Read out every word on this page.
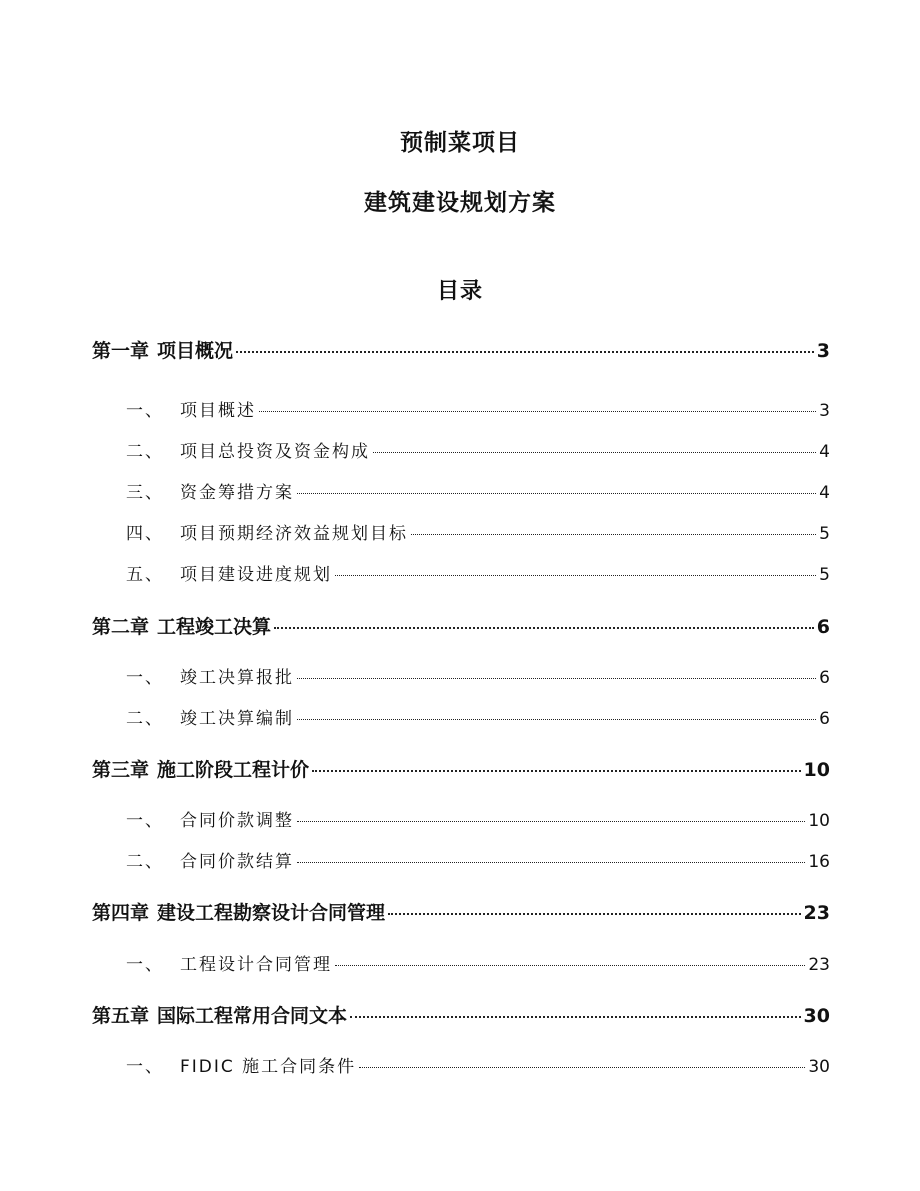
预制菜项目
建筑建设规划方案
目录
第一章 项目概况	3
一、 项目概述	3
二、 项目总投资及资金构成	4
三、 资金筹措方案	4
四、 项目预期经济效益规划目标	5
五、 项目建设进度规划	5
第二章 工程竣工决算	6
一、 竣工决算报批	6
二、 竣工决算编制	6
第三章 施工阶段工程计价	10
一、 合同价款调整	10
二、 合同价款结算	16
第四章 建设工程勘察设计合同管理	23
一、 工程设计合同管理	23
第五章 国际工程常用合同文本	30
一、 FIDIC 施工合同条件	30
